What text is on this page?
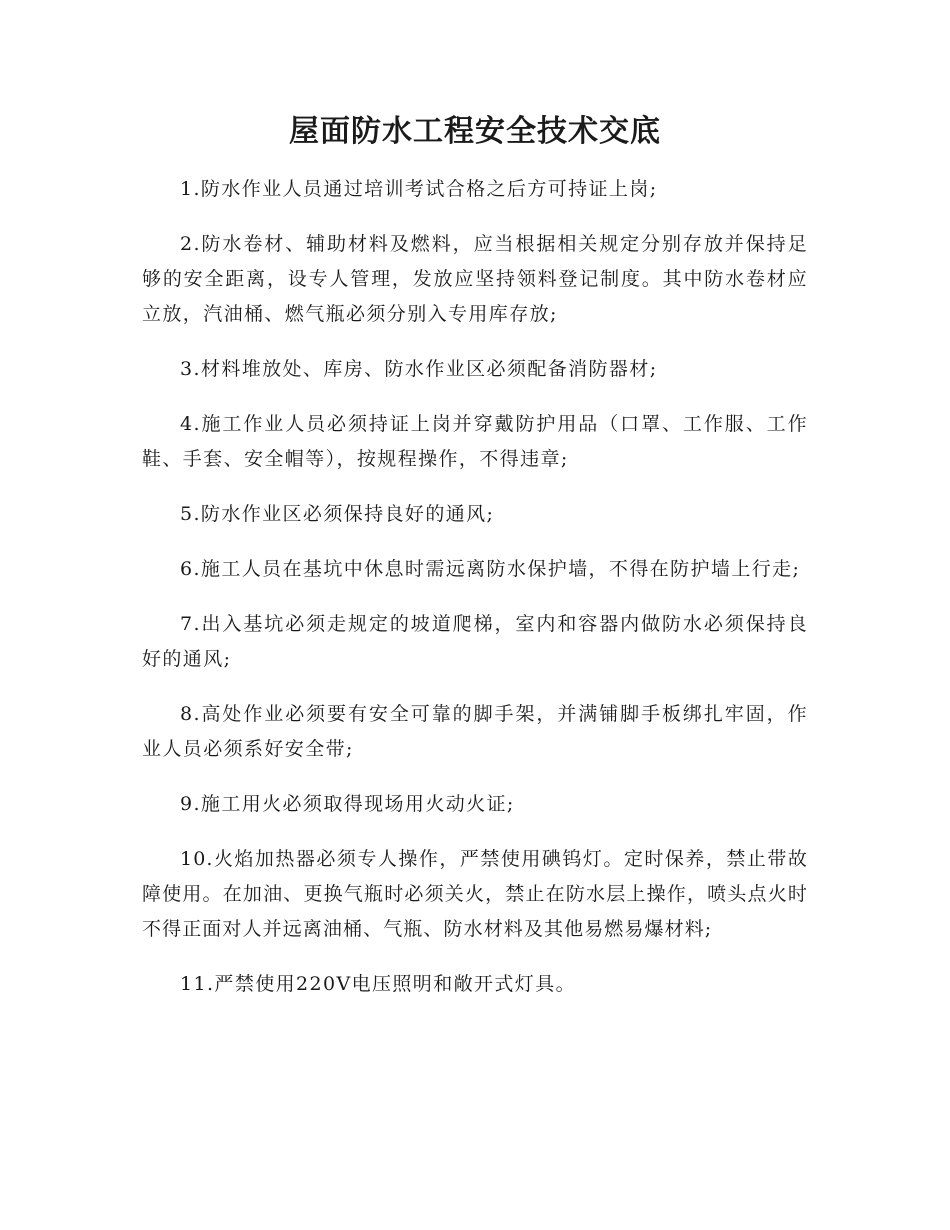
屋面防水工程安全技术交底
1.防水作业人员通过培训考试合格之后方可持证上岗;
2.防水卷材、辅助材料及燃料，应当根据相关规定分别存放并保持足够的安全距离，设专人管理，发放应坚持领料登记制度。其中防水卷材应立放，汽油桶、燃气瓶必须分别入专用库存放;
3.材料堆放处、库房、防水作业区必须配备消防器材;
4.施工作业人员必须持证上岗并穿戴防护用品（口罩、工作服、工作鞋、手套、安全帽等），按规程操作，不得违章;
5.防水作业区必须保持良好的通风;
6.施工人员在基坑中休息时需远离防水保护墙，不得在防护墙上行走;
7.出入基坑必须走规定的坡道爬梯，室内和容器内做防水必须保持良好的通风;
8.高处作业必须要有安全可靠的脚手架，并满铺脚手板绑扎牢固，作业人员必须系好安全带;
9.施工用火必须取得现场用火动火证;
10.火焰加热器必须专人操作，严禁使用碘钨灯。定时保养，禁止带故障使用。在加油、更换气瓶时必须关火，禁止在防水层上操作，喷头点火时不得正面对人并远离油桶、气瓶、防水材料及其他易燃易爆材料;
11.严禁使用220V电压照明和敞开式灯具。
